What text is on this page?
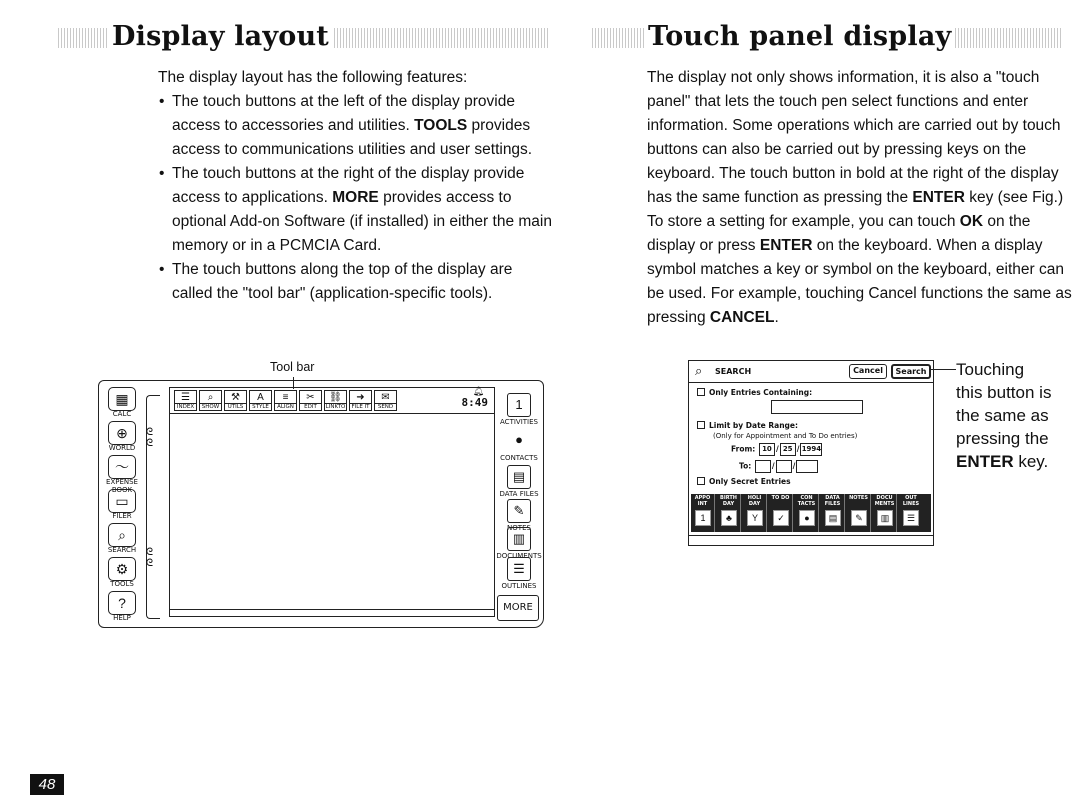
Display layout

The display layout has the following features:

• The touch buttons at the left of the display provide access to accessories and utilities. TOOLS provides access to communications utilities and user settings.
• The touch buttons at the right of the display provide access to applications. MORE provides access to optional Add-on Software (if installed) in either the main memory or in a PCMCIA Card.
• The touch buttons along the top of the display are called the "tool bar" (application-specific tools).
Tool bar
▦
CALC
⊕
WORLD
〜
EXPENSE BOOK
▭
FILER
⌕
SEARCH
⚙
TOOLS
?
HELP
ᘓ
ᘓ
ᘓ
ᘓ
☰
INDEX
⌕
SHOW
⚒
UTILS
A
STYLE
≡
ALIGN
✂
EDIT
⛓
LINKTO
➜
FILE IT
✉
SEND
🔔︎
8:49	1
ACTIVITIES
●
CONTACTS
▤
DATA FILES
✎
NOTES
▥
DOCUMENTS
☰
OUTLINES
MORE
Touch panel display

The display not only shows information, it is also a "touch panel" that lets the touch pen select functions and enter information. Some operations which are carried out by touch buttons can also be carried out by pressing keys on the keyboard. The touch button in bold at the right of the display has the same function as pressing the ENTER key (see Fig.) To store a setting for example, you can touch OK on the display or press ENTER on the keyboard. When a display symbol matches a key or symbol on the keyboard, either can be used. For example, touching Cancel functions the same as pressing CANCEL.

⌕ SEARCH	Cancel	Search
Only Entries Containing:
Limit by Date Range:
(Only for Appointment and To Do entries)
From: 10 / 25 / 1994
To:	/ /
Only Secret Entries
APPO INT
1
BIRTH DAY
♣
HOLI DAY
Y
TO DO
✓
CON TACTS
●
DATA FILES
▤
NOTES
✎
DOCU MENTS
▥
OUT LINES
☰
Touching
this button is
the same as
pressing the
ENTER key.
48
